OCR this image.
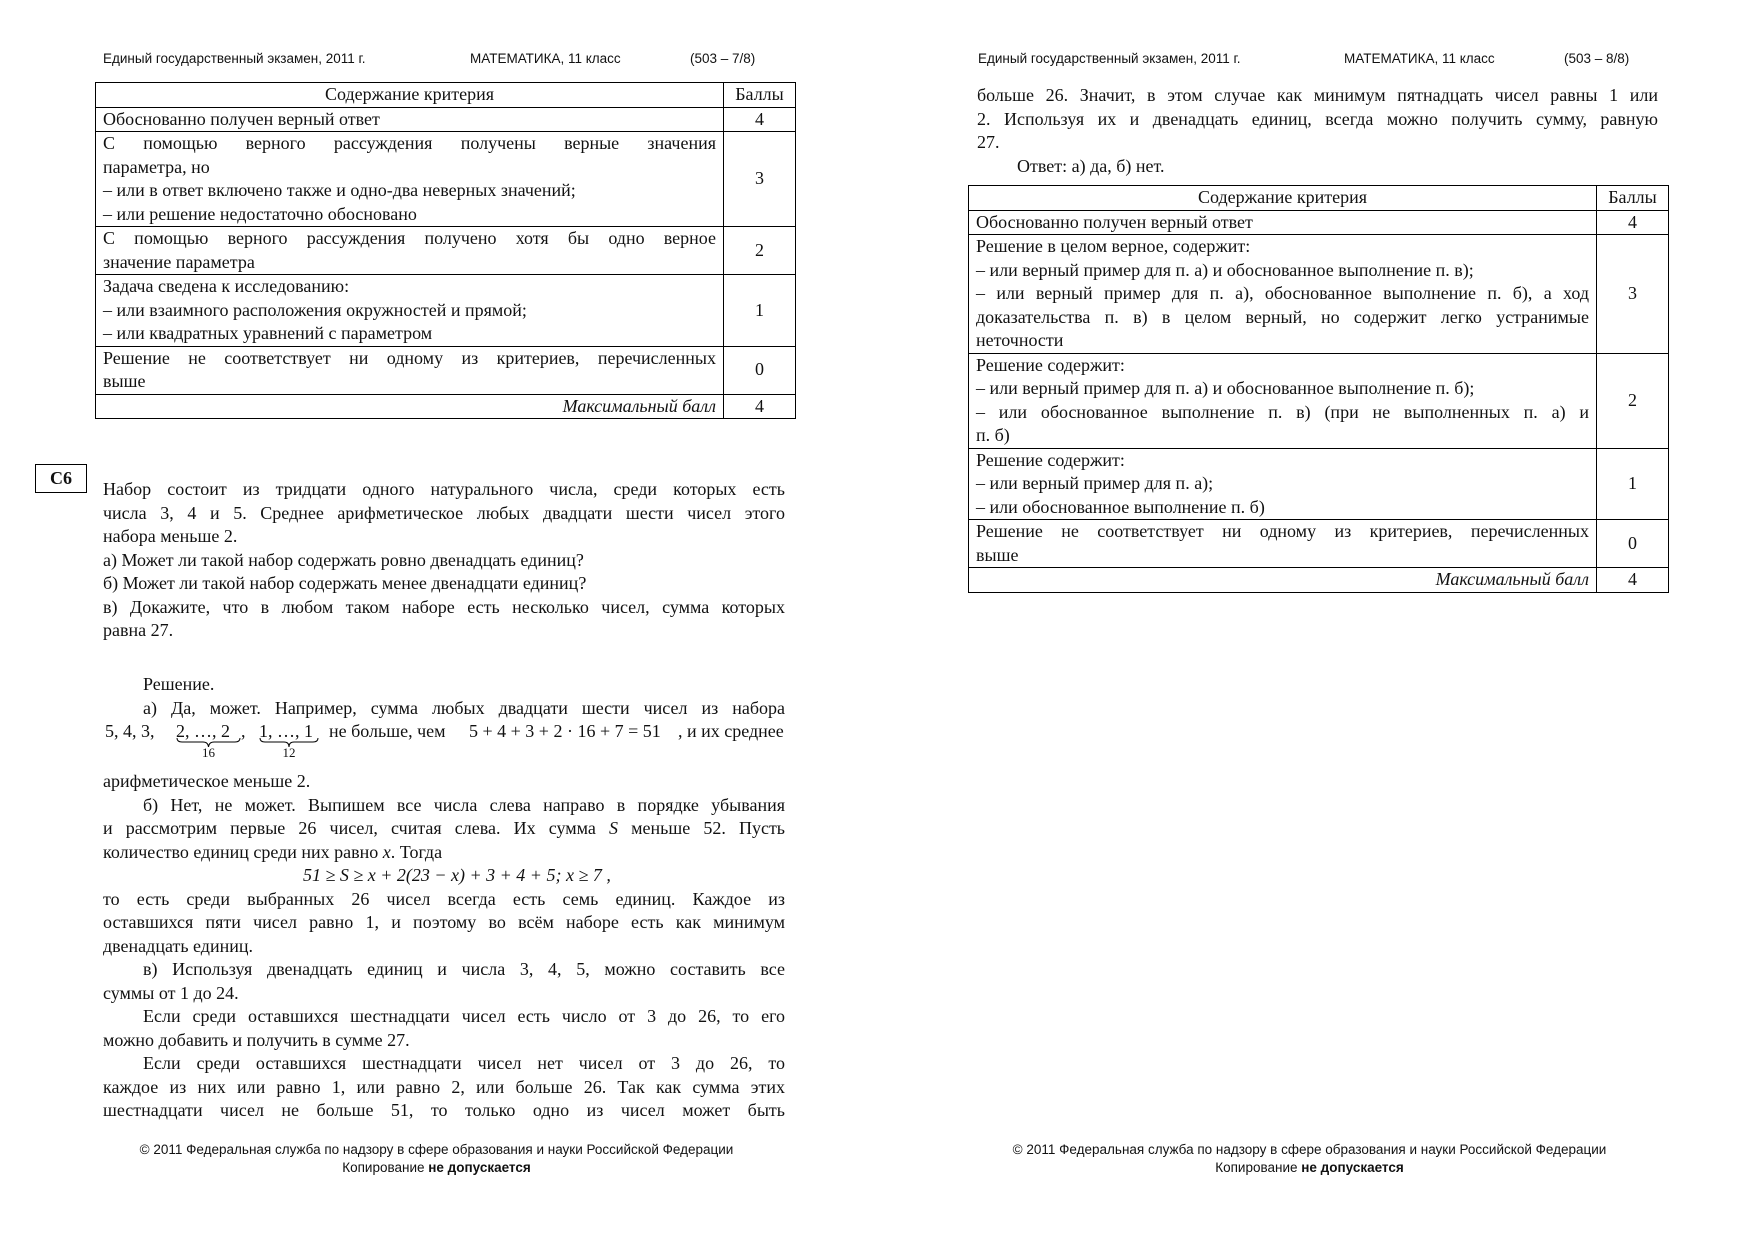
Единый государственный экзамен, 2011 г.	МАТЕМАТИКА, 11 класс	(503 – 7/8)
Содержание критерия	Баллы
Обоснованно получен верный ответ	4

С помощью верного рассуждения получены верные значения
параметра, но
– или в ответ включено также и одно-два неверных значений;
– или решение недостаточно обосновано	3

С помощью верного рассуждения получено хотя бы одно верное
значение параметра	2

Задача сведена к исследованию:
– или взаимного расположения окружностей и прямой;
– или квадратных уравнений с параметром	1

Решение не соответствует ни одному из критериев, перечисленных
выше	0
Максимальный балл	4
C6
Набор состоит из тридцати одного натурального числа, среди которых есть
числа 3, 4 и 5. Среднее арифметическое любых двадцати шести чисел этого
набора меньше 2.
а) Может ли такой набор содержать ровно двенадцать единиц?
б) Может ли такой набор содержать менее двенадцати единиц?
в) Докажите, что в любом таком наборе есть несколько чисел, сумма которых
равна 27.
Решение.
а) Да, может. Например, сумма любых двадцати шести чисел из набора
5, 4, 3, 2, …, 2
16
, 1, …, 1
12
не больше, чем 5 + 4 + 3 + 2 · 16 + 7 = 51 , и их среднее
арифметическое меньше 2.
б) Нет, не может. Выпишем все числа слева направо в порядке убывания
и рассмотрим первые 26 чисел, считая слева. Их сумма S меньше 52. Пусть
количество единиц среди них равно x. Тогда
51 ≥ S ≥ x + 2(23 − x) + 3 + 4 + 5; x ≥ 7 ,
то есть среди выбранных 26 чисел всегда есть семь единиц. Каждое из
оставшихся пяти чисел равно 1, и поэтому во всём наборе есть как минимум
двенадцать единиц.
в) Используя двенадцать единиц и числа 3, 4, 5, можно составить все
суммы от 1 до 24.
Если среди оставшихся шестнадцати чисел есть число от 3 до 26, то его
можно добавить и получить в сумме 27.
Если среди оставшихся шестнадцати чисел нет чисел от 3 до 26, то
каждое из них или равно 1, или равно 2, или больше 26. Так как сумма этих
шестнадцати чисел не больше 51, то только одно из чисел может быть
© 2011 Федеральная служба по надзору в сфере образования и науки Российской Федерации
Копирование не допускается
Единый государственный экзамен, 2011 г.	МАТЕМАТИКА, 11 класс	(503 – 8/8)
больше 26. Значит, в этом случае как минимум пятнадцать чисел равны 1 или
2. Используя их и двенадцать единиц, всегда можно получить сумму, равную
27.
Ответ: а) да, б) нет.
Содержание критерия	Баллы
Обоснованно получен верный ответ	4

Решение в целом верное, содержит:
– или верный пример для п. а) и обоснованное выполнение п. в);
– или верный пример для п. а), обоснованное выполнение п. б), а ход
доказательства п. в) в целом верный, но содержит легко устранимые
неточности	3

Решение содержит:
– или верный пример для п. а) и обоснованное выполнение п. б);
– или обоснованное выполнение п. в) (при не выполненных п. а) и
п. б)	2

Решение содержит:
– или верный пример для п. а);
– или обоснованное выполнение п. б)	1

Решение не соответствует ни одному из критериев, перечисленных
выше	0
Максимальный балл	4
© 2011 Федеральная служба по надзору в сфере образования и науки Российской Федерации
Копирование не допускается
